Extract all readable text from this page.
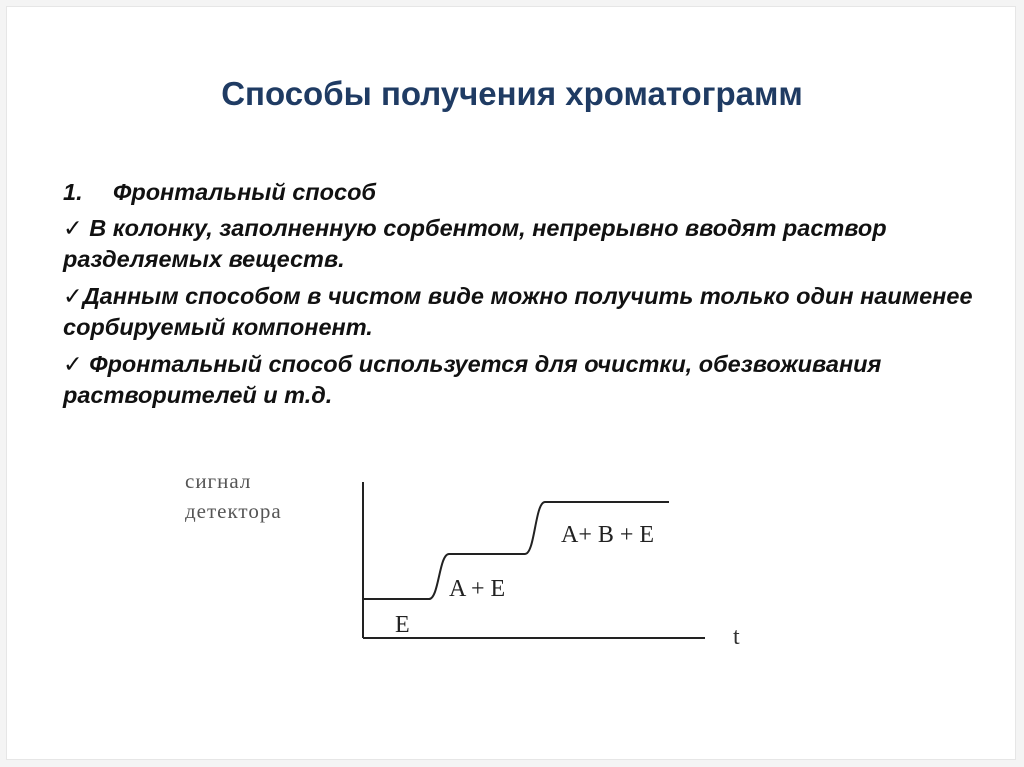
Способы получения хроматограмм

1. Фронтальный способ

✓ В колонку, заполненную сорбентом, непрерывно вводят раствор разделяемых веществ.

✓Данным способом в чистом виде можно получить только один наименее сорбируемый компонент.

✓ Фронтальный способ используется для очистки, обезвоживания растворителей и т.д.

сигнал
детектора
E
A + E
A+ B + E
t
